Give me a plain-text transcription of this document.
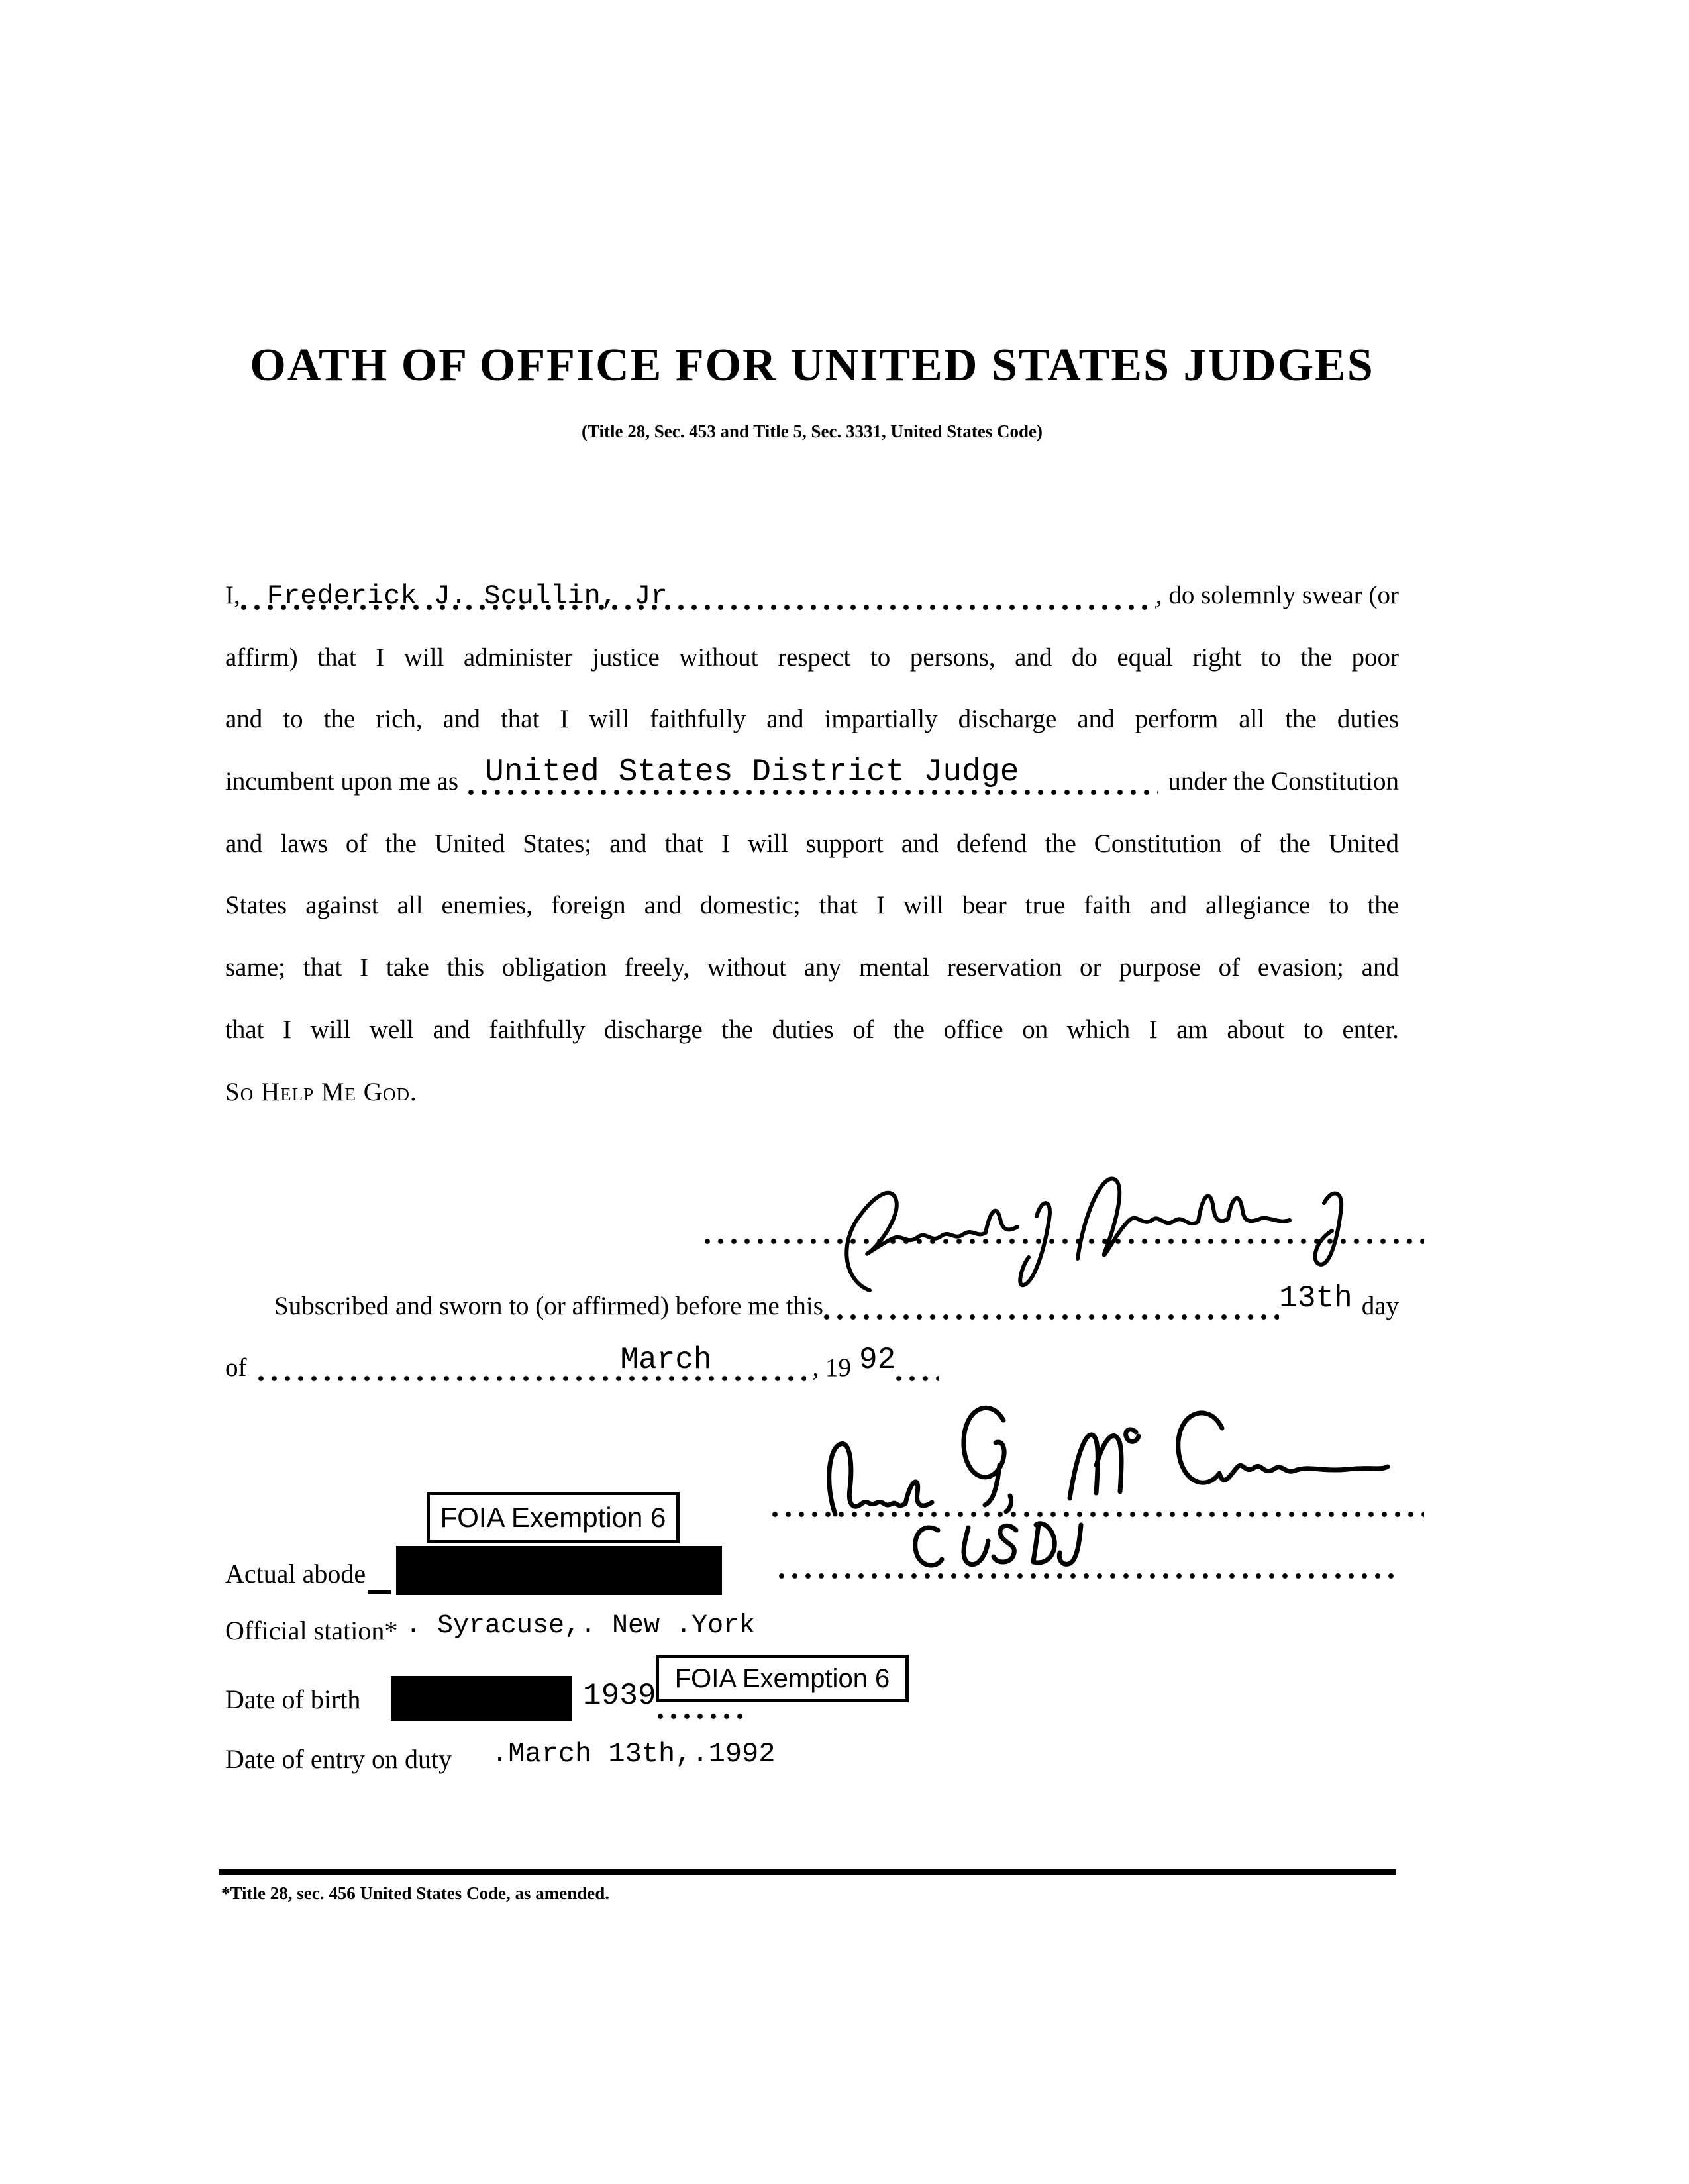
OATH OF OFFICE FOR UNITED STATES JUDGES
(Title 28, Sec. 453 and Title 5, Sec. 3331, United States Code)
I, Frederick J. Scullin, Jr	, do solemnly swear (or
affirm) that I will administer justice without respect to persons, and do equal right to the poor
and to the rich, and that I will faithfully and impartially discharge and perform all the duties
incumbent upon me as United States District Judge	under the Constitution
and laws of the United States; and that I will support and defend the Constitution of the United
States against all enemies, foreign and domestic; that I will bear true faith and allegiance to the
same; that I take this obligation freely, without any mental reservation or purpose of evasion; and
that I will well and faithfully discharge the duties of the office on which I am about to enter.
So Help Me God.
Subscribed and sworn to (or affirmed) before me this	13th day
of	March	, 19 92
FOIA Exemption 6
Actual abode
Official station* . Syracuse,. New .York
FOIA Exemption 6
Date of birth	1939
Date of entry on duty .March 13th,.1992
*Title 28, sec. 456 United States Code, as amended.
